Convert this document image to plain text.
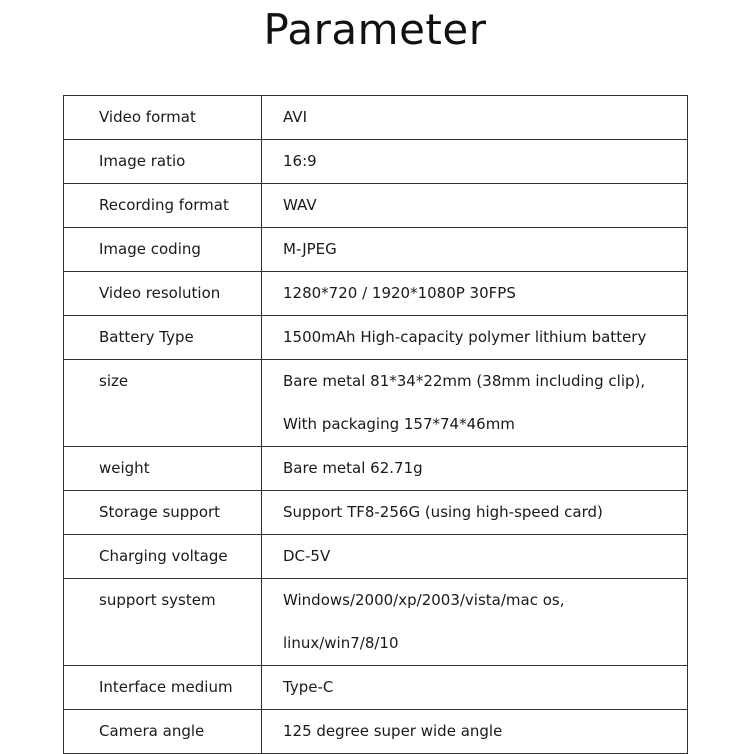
Parameter
Video format	AVI

Image ratio	16:9

Recording format	WAV

Image coding	M-JPEG

Video resolution	1280*720 / 1920*1080P 30FPS

Battery Type	1500mAh High-capacity polymer lithium battery

size	Bare metal 81*34*22mm (38mm including clip),
With packaging 157*74*46mm

weight	Bare metal 62.71g

Storage support	Support TF8-256G (using high-speed card)

Charging voltage	DC-5V

support system	Windows/2000/xp/2003/vista/mac os,
linux/win7/8/10

Interface medium	Type-C

Camera angle	125 degree super wide angle
